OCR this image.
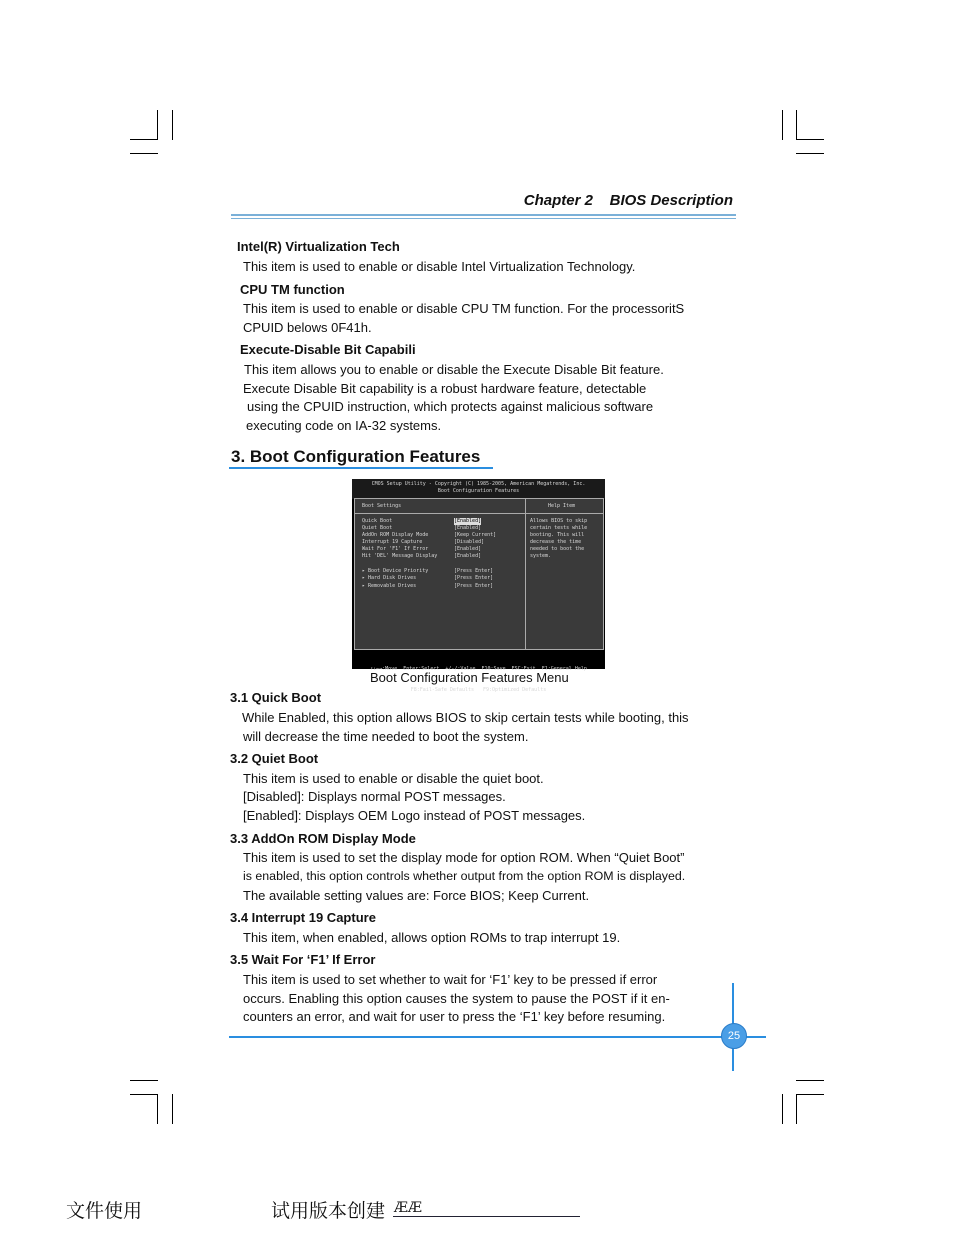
Chapter 2    BIOS Description
Intel(R) Virtualization Tech
This item is used to enable or disable Intel Virtualization Technology.
CPU TM function
This item is used to enable or disable CPU TM function. For the processoritS
CPUID belows 0F41h.
Execute-Disable Bit Capabili
This item allows you to enable or disable the Execute Disable Bit feature.
Execute Disable Bit capability is a robust hardware feature, detectable
using the CPUID instruction, which protects against malicious software
executing code on IA-32 systems.
3. Boot Configuration Features
CMOS Setup Utility - Copyright (C) 1985-2005, American Megatrends, Inc.
Boot Configuration Features
Boot Settings	Help Item
Quick Boot	[Enabled]
Quiet Boot	[Enabled]
AddOn ROM Display Mode	[Keep Current]
Interrupt 19 Capture	[Disabled]
Wait For 'F1' If Error	[Enabled]
Hit 'DEL' Message Display	[Enabled]
▸ Boot Device Priority	[Press Enter]
▸ Hard Disk Drives	[Press Enter]
▸ Removable Drives	[Press Enter]
Allows BIOS to skip
certain tests while
booting. This will
decrease the time
needed to boot the
system.

↑↓←→:Move  Enter:Select  +/-/:Value  F10:Save  ESC:Exit  F1:General Help

F8:Fail-Safe Defaults   F9:Optimized Defaults

Boot Configuration Features Menu
3.1 Quick Boot
While Enabled, this option allows BIOS to skip certain tests while booting, this
will decrease the time needed to boot the system.
3.2 Quiet Boot
This item is used to enable or disable the quiet boot.
[Disabled]: Displays normal POST messages.
[Enabled]: Displays OEM Logo instead of POST messages.
3.3 AddOn ROM Display Mode
This item is used to set the display mode for option ROM. When “Quiet Boot”
is enabled, this option controls whether output from the option ROM is displayed.
The available setting values are: Force BIOS; Keep Current.
3.4 Interrupt 19 Capture
This item, when enabled, allows option ROMs to trap interrupt 19.
3.5 Wait For ‘F1’ If Error
This item is used to set whether to wait for ‘F1’ key to be pressed if error
occurs. Enabling this option causes the system to pause the POST if it en-
counters an error, and wait for user to press the ‘F1’ key before resuming.
25
文件使用	试用版本创建 ÆÆ
